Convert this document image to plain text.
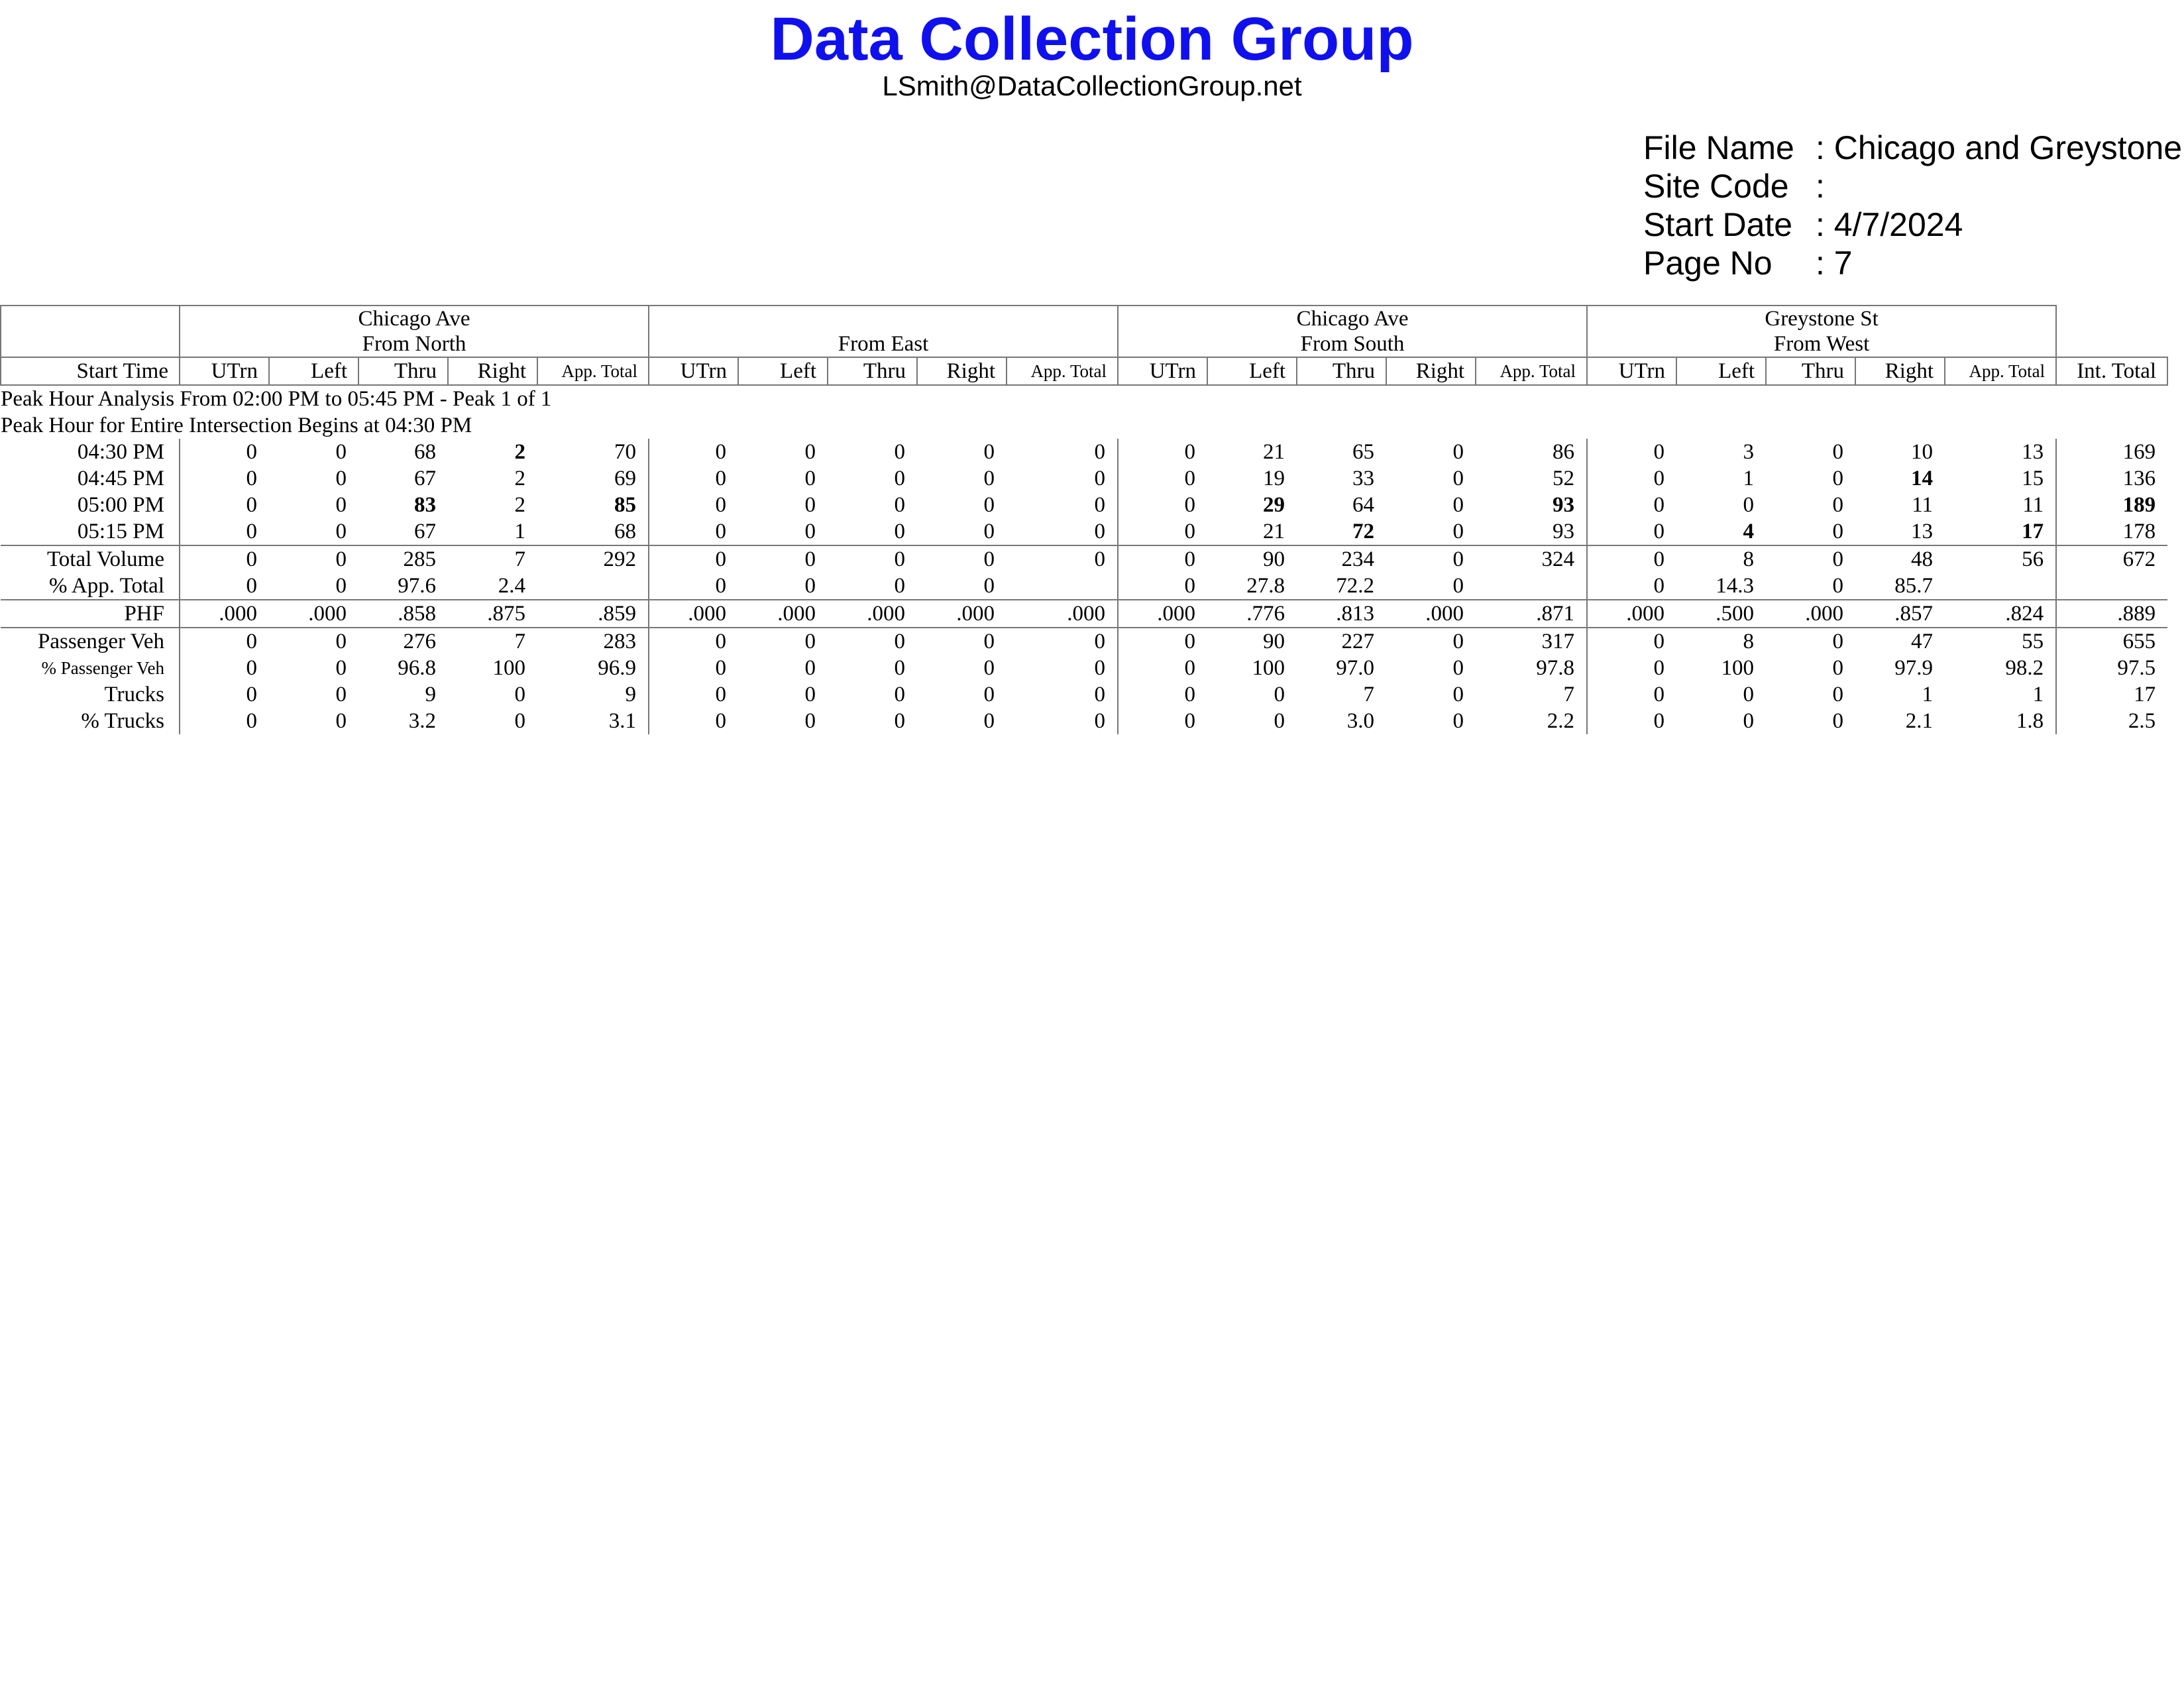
Data Collection Group
LSmith@DataCollectionGroup.net
File Name : Chicago and Greystone
Site Code :
Start Date : 4/7/2024
Page No : 7
	Chicago Ave										Chicago Ave					Greystone St					
	From North					From East					From South					From West					
Start Time	UTrn	Left	Thru	Right	App. Total	UTrn	Left	Thru	Right	App. Total	UTrn	Left	Thru	Right	App. Total	UTrn	Left	Thru	Right	App. Total	Int. Total
Peak Hour Analysis From 02:00 PM to 05:45 PM - Peak 1 of 1																					
Peak Hour for Entire Intersection Begins at 04:30 PM																					
04:30 PM	0	0	68	2	70	0	0	0	0	0	0	21	65	0	86	0	3	0	10	13	169
04:45 PM	0	0	67	2	69	0	0	0	0	0	0	19	33	0	52	0	1	0	14	15	136
05:00 PM	0	0	83	2	85	0	0	0	0	0	0	29	64	0	93	0	0	0	11	11	189
05:15 PM	0	0	67	1	68	0	0	0	0	0	0	21	72	0	93	0	4	0	13	17	178
Total Volume	0	0	285	7	292	0	0	0	0	0	0	90	234	0	324	0	8	0	48	56	672
% App. Total	0	0	97.6	2.4		0	0	0	0		0	27.8	72.2	0		0	14.3	0	85.7		
PHF	.000	.000	.858	.875	.859	.000	.000	.000	.000	.000	.000	.776	.813	.000	.871	.000	.500	.000	.857	.824	.889
Passenger Veh	0	0	276	7	283	0	0	0	0	0	0	90	227	0	317	0	8	0	47	55	655
% Passenger Veh	0	0	96.8	100	96.9	0	0	0	0	0	0	100	97.0	0	97.8	0	100	0	97.9	98.2	97.5
Trucks	0	0	9	0	9	0	0	0	0	0	0	0	7	0	7	0	0	0	1	1	17
% Trucks	0	0	3.2	0	3.1	0	0	0	0	0	0	0	3.0	0	2.2	0	0	0	2.1	1.8	2.5
